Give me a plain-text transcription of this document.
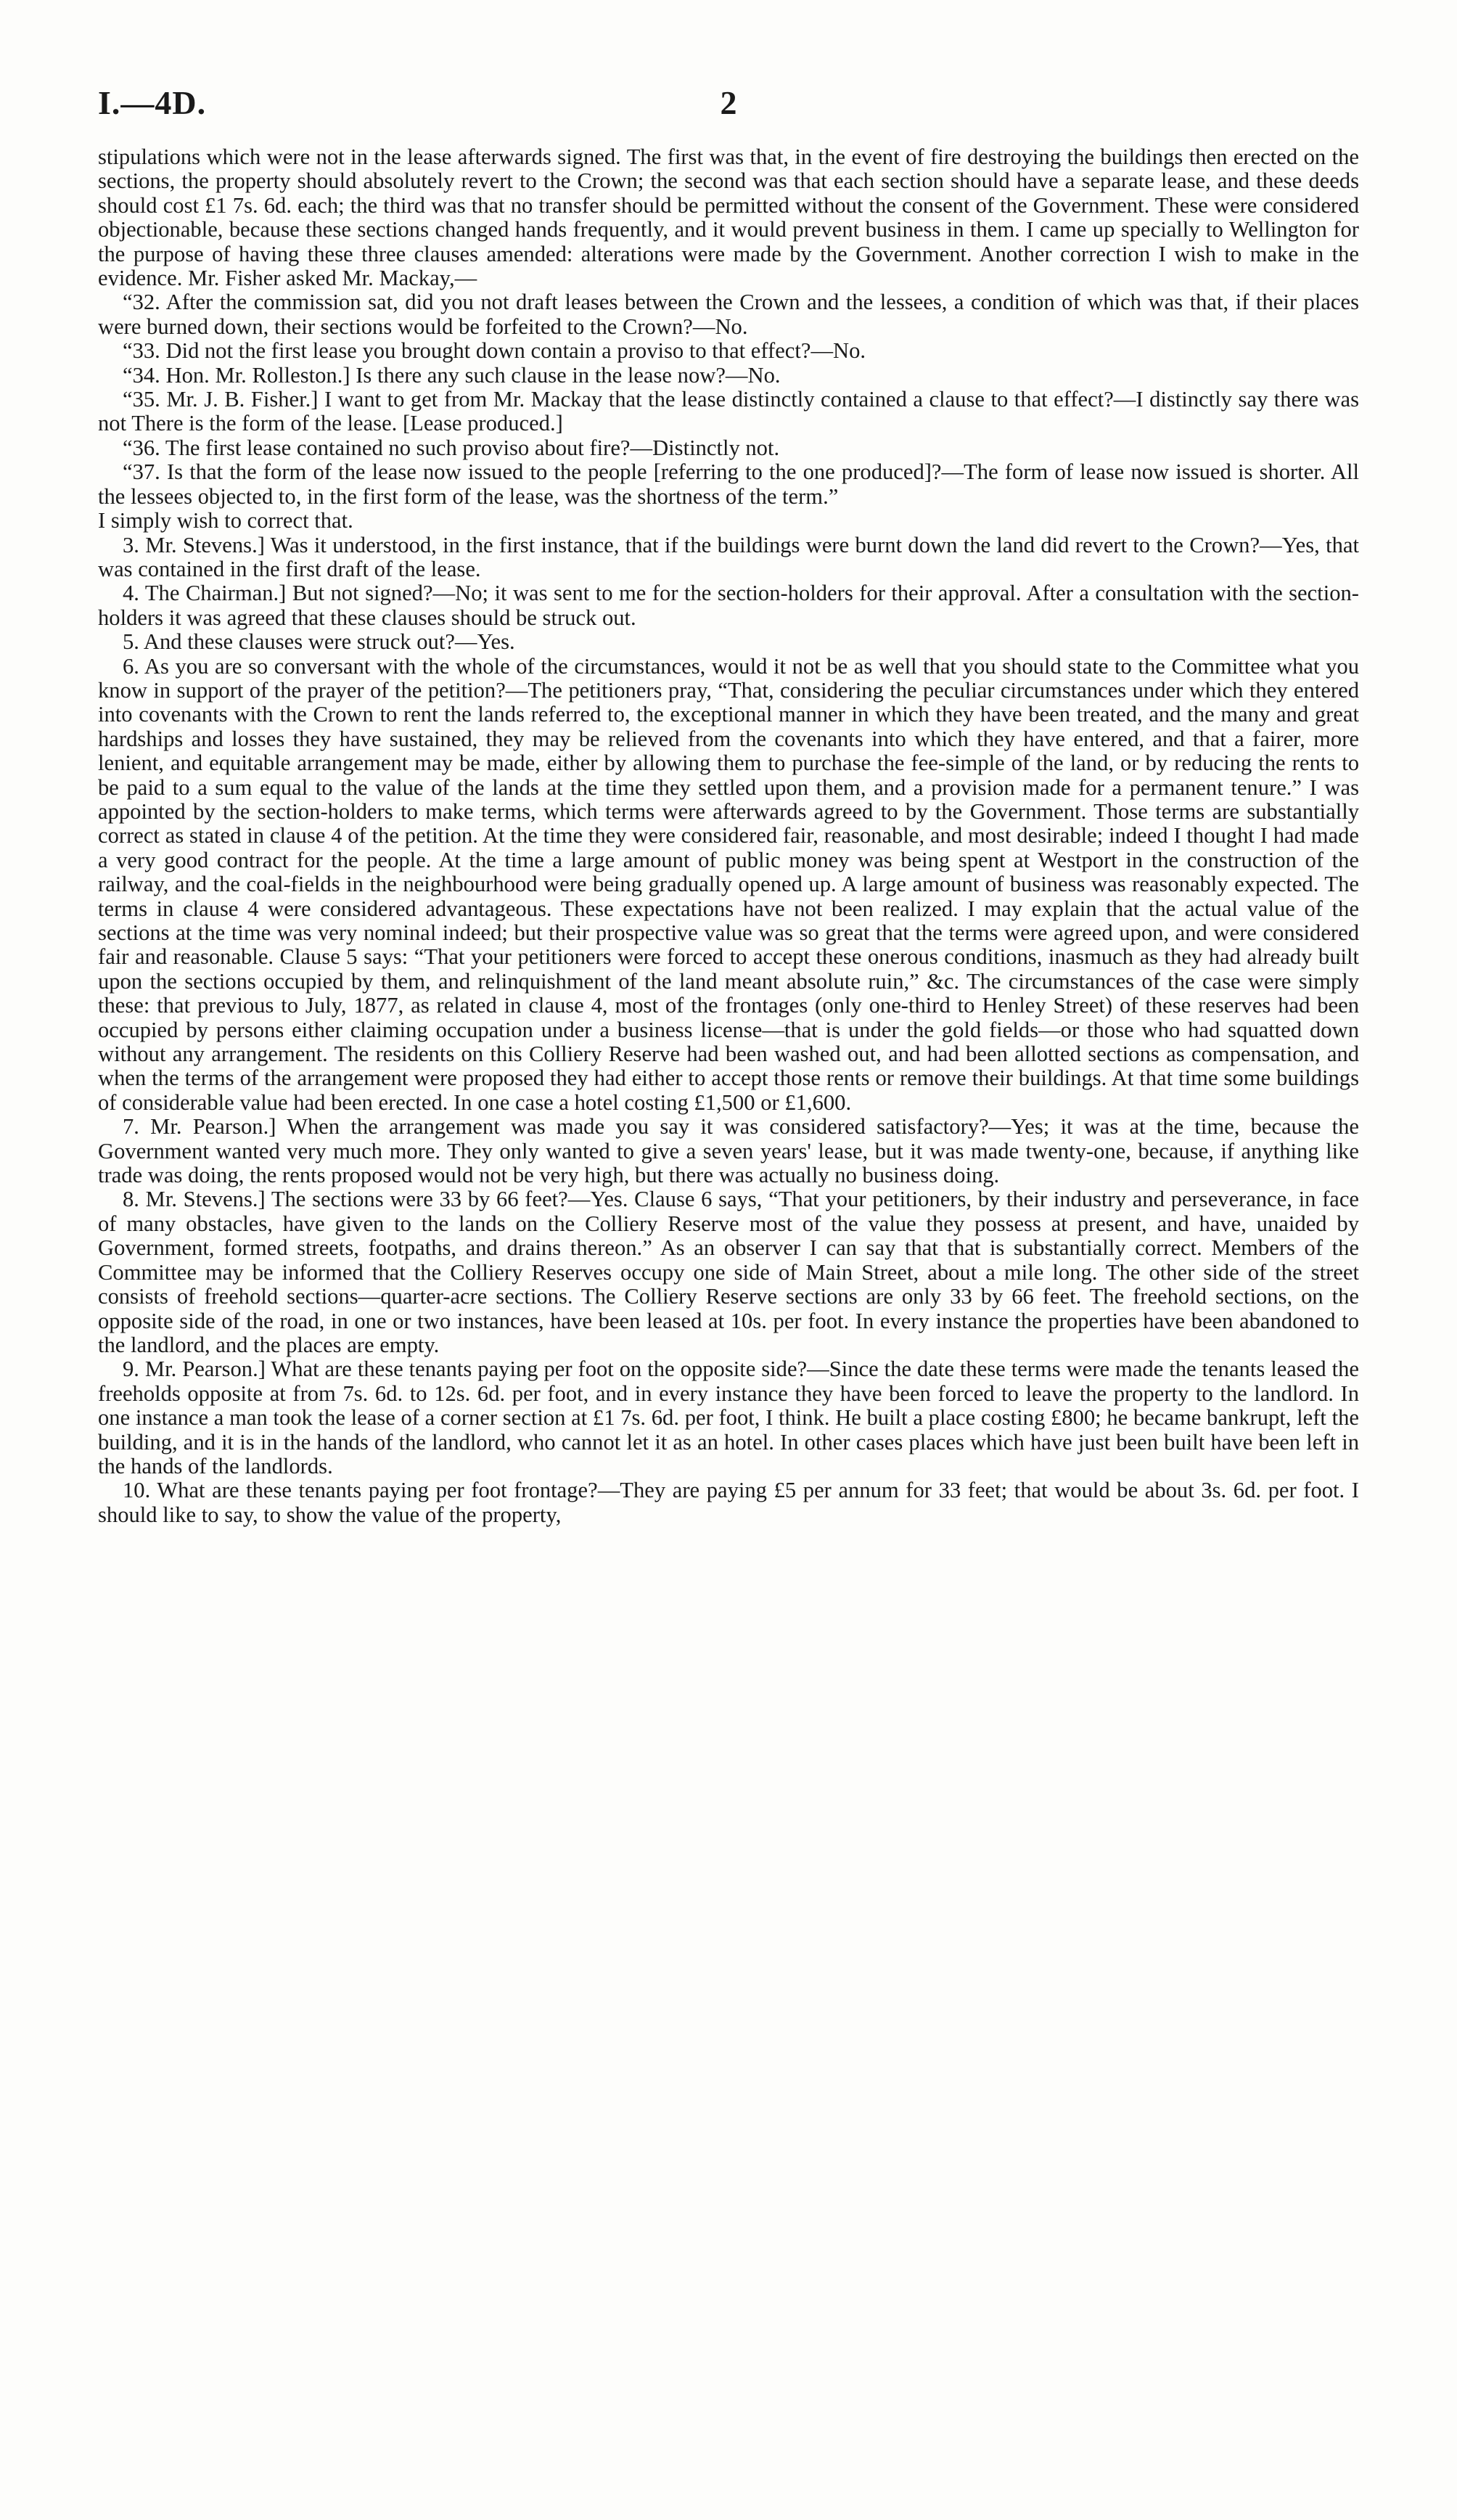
I.—4D.	2

stipulations which were not in the lease afterwards signed. The first was that, in the event of fire destroying the buildings then erected on the sections, the property should absolutely revert to the Crown; the second was that each section should have a separate lease, and these deeds should cost £1 7s. 6d. each; the third was that no transfer should be permitted without the consent of the Government. These were considered objectionable, because these sections changed hands frequently, and it would prevent business in them. I came up specially to Wellington for the purpose of having these three clauses amended: alterations were made by the Government. Another correction I wish to make in the evidence. Mr. Fisher asked Mr. Mackay,—

“32. After the commission sat, did you not draft leases between the Crown and the lessees, a condition of which was that, if their places were burned down, their sections would be forfeited to the Crown?—No.

“33. Did not the first lease you brought down contain a proviso to that effect?—No.

“34. Hon. Mr. Rolleston.] Is there any such clause in the lease now?—No.

“35. Mr. J. B. Fisher.] I want to get from Mr. Mackay that the lease distinctly contained a clause to that effect?—I distinctly say there was not There is the form of the lease. [Lease produced.]

“36. The first lease contained no such proviso about fire?—Distinctly not.

“37. Is that the form of the lease now issued to the people [referring to the one produced]?—The form of lease now issued is shorter. All the lessees objected to, in the first form of the lease, was the shortness of the term.”

I simply wish to correct that.

3. Mr. Stevens.] Was it understood, in the first instance, that if the buildings were burnt down the land did revert to the Crown?—Yes, that was contained in the first draft of the lease.

4. The Chairman.] But not signed?—No; it was sent to me for the section-holders for their approval. After a consultation with the section-holders it was agreed that these clauses should be struck out.

5. And these clauses were struck out?—Yes.

6. As you are so conversant with the whole of the circumstances, would it not be as well that you should state to the Committee what you know in support of the prayer of the petition?—The petitioners pray, “That, considering the peculiar circumstances under which they entered into covenants with the Crown to rent the lands referred to, the exceptional manner in which they have been treated, and the many and great hardships and losses they have sustained, they may be relieved from the covenants into which they have entered, and that a fairer, more lenient, and equitable arrangement may be made, either by allowing them to purchase the fee-simple of the land, or by reducing the rents to be paid to a sum equal to the value of the lands at the time they settled upon them, and a provision made for a permanent tenure.” I was appointed by the section-holders to make terms, which terms were afterwards agreed to by the Government. Those terms are substantially correct as stated in clause 4 of the petition. At the time they were considered fair, reasonable, and most desirable; indeed I thought I had made a very good contract for the people. At the time a large amount of public money was being spent at Westport in the construction of the railway, and the coal-fields in the neighbourhood were being gradually opened up. A large amount of business was reasonably expected. The terms in clause 4 were considered advantageous. These expectations have not been realized. I may explain that the actual value of the sections at the time was very nominal indeed; but their prospective value was so great that the terms were agreed upon, and were considered fair and reasonable. Clause 5 says: “That your petitioners were forced to accept these onerous conditions, inasmuch as they had already built upon the sections occupied by them, and relinquishment of the land meant absolute ruin,” &c. The circumstances of the case were simply these: that previous to July, 1877, as related in clause 4, most of the frontages (only one-third to Henley Street) of these reserves had been occupied by persons either claiming occupation under a business license—that is under the gold fields—or those who had squatted down without any arrangement. The residents on this Colliery Reserve had been washed out, and had been allotted sections as compensation, and when the terms of the arrangement were proposed they had either to accept those rents or remove their buildings. At that time some buildings of considerable value had been erected. In one case a hotel costing £1,500 or £1,600.

7. Mr. Pearson.] When the arrangement was made you say it was considered satisfactory?—Yes; it was at the time, because the Government wanted very much more. They only wanted to give a seven years' lease, but it was made twenty-one, because, if anything like trade was doing, the rents proposed would not be very high, but there was actually no business doing.

8. Mr. Stevens.] The sections were 33 by 66 feet?—Yes. Clause 6 says, “That your petitioners, by their industry and perseverance, in face of many obstacles, have given to the lands on the Colliery Reserve most of the value they possess at present, and have, unaided by Government, formed streets, footpaths, and drains thereon.” As an observer I can say that that is substantially correct. Members of the Committee may be informed that the Colliery Reserves occupy one side of Main Street, about a mile long. The other side of the street consists of freehold sections—quarter-acre sections. The Colliery Reserve sections are only 33 by 66 feet. The freehold sections, on the opposite side of the road, in one or two instances, have been leased at 10s. per foot. In every instance the properties have been abandoned to the landlord, and the places are empty.

9. Mr. Pearson.] What are these tenants paying per foot on the opposite side?—Since the date these terms were made the tenants leased the freeholds opposite at from 7s. 6d. to 12s. 6d. per foot, and in every instance they have been forced to leave the property to the landlord. In one instance a man took the lease of a corner section at £1 7s. 6d. per foot, I think. He built a place costing £800; he became bankrupt, left the building, and it is in the hands of the landlord, who cannot let it as an hotel. In other cases places which have just been built have been left in the hands of the landlords.

10. What are these tenants paying per foot frontage?—They are paying £5 per annum for 33 feet; that would be about 3s. 6d. per foot. I should like to say, to show the value of the property,
